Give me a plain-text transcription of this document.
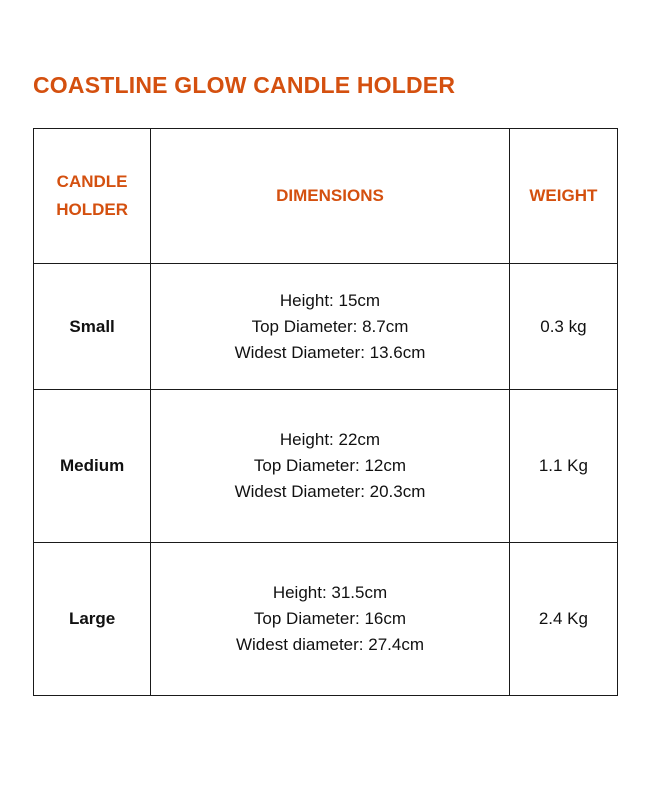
COASTLINE GLOW CANDLE HOLDER
CANDLE
HOLDER	DIMENSIONS	WEIGHT
Small	Height: 15cm
Top Diameter: 8.7cm
Widest Diameter: 13.6cm	0.3 kg
Medium	Height: 22cm
Top Diameter: 12cm
Widest Diameter: 20.3cm	1.1 Kg
Large	Height: 31.5cm
Top Diameter: 16cm
Widest diameter: 27.4cm	2.4 Kg
